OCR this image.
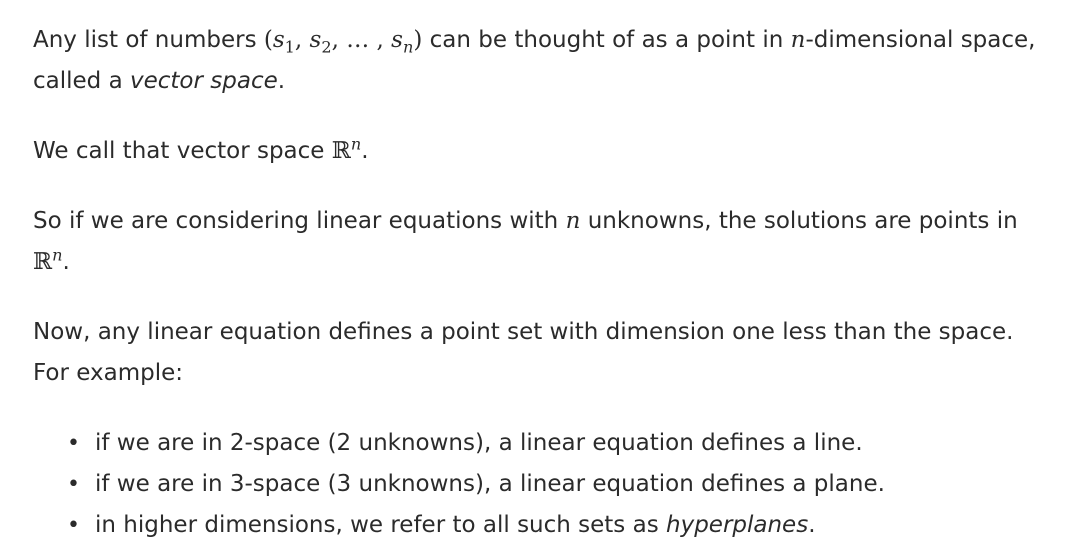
Any list of numbers ($s_1$, $s_2$, … , $s_n$) can be thought of as a point in n-dimensional space,
called a vector space.

We call that vector space ℝ$^n$.

So if we are considering linear equations with n unknowns, the solutions are points in ℝ$^n$.

Now, any linear equation defines a point set with dimension one less than the space. For example:

• if we are in 2-space (2 unknowns), a linear equation defines a line.
• if we are in 3-space (3 unknowns), a linear equation defines a plane.
• in higher dimensions, we refer to all such sets as hyperplanes.
